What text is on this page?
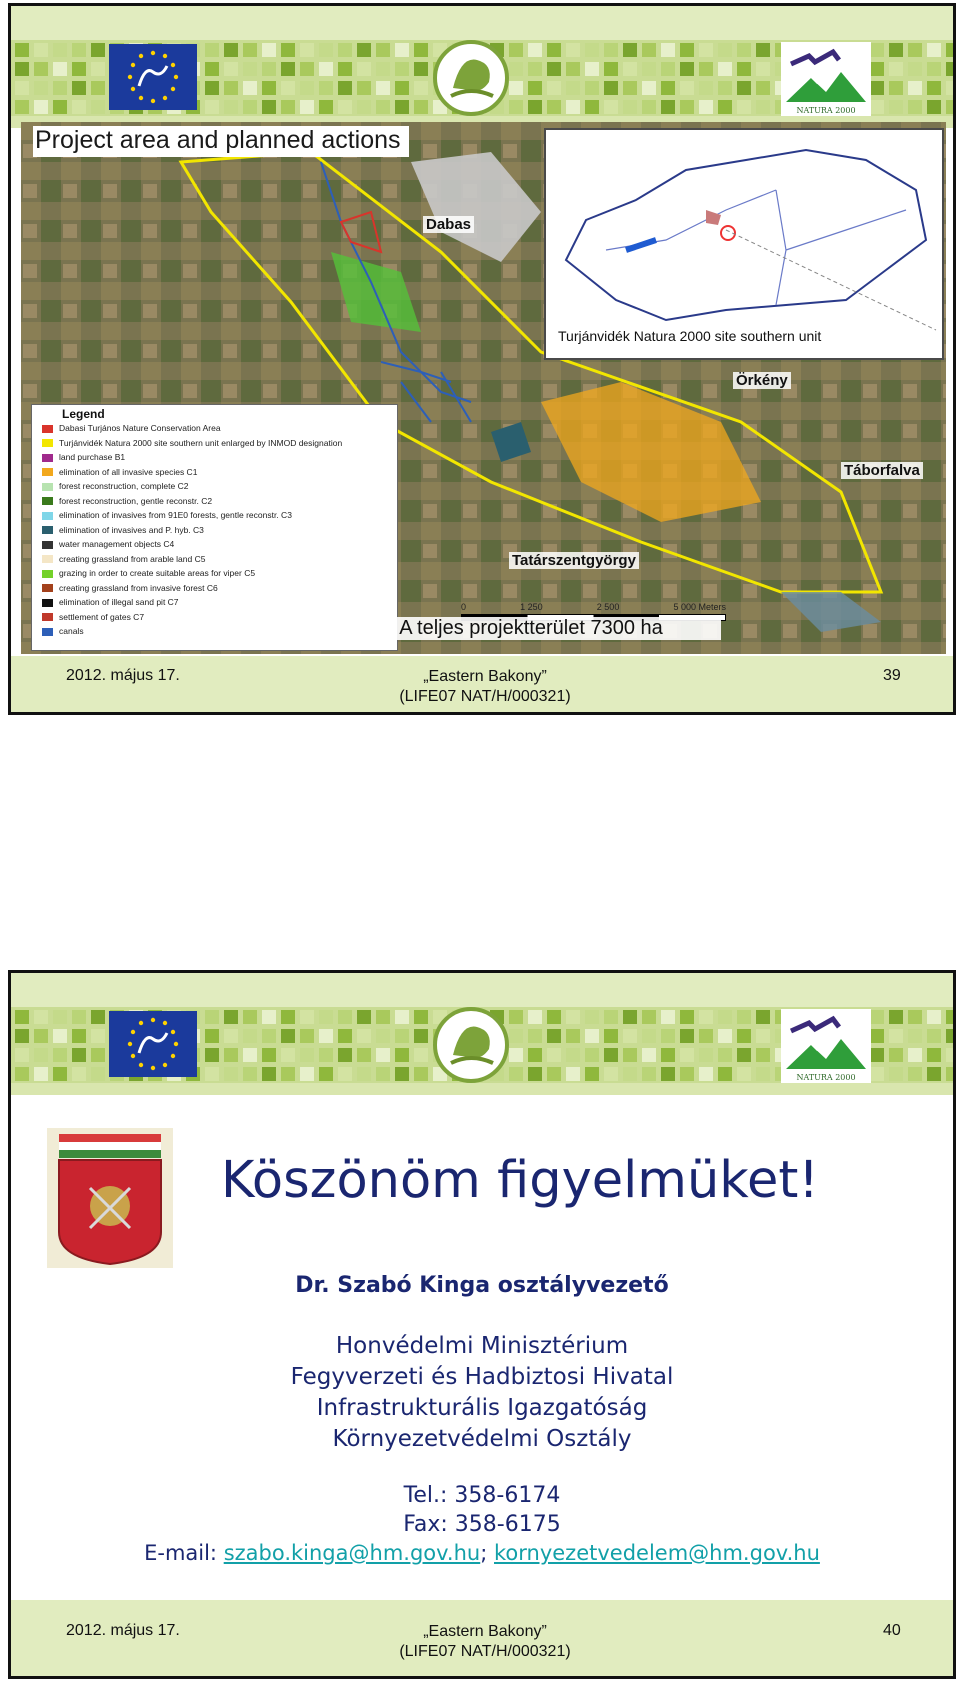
NATURA 2000
Project area and planned actions
Turjánvidék Natura 2000 site southern unit
Dabas
Örkény
Táborfalva
Tatárszentgyörgy
Legend
Dabasi Turjános Nature Conservation Area
Turjánvidék Natura 2000 site southern unit enlarged by INMOD designation
land purchase B1
elimination of all invasive species C1
forest reconstruction, complete C2
forest reconstruction, gentle reconstr. C2
elimination of invasives from 91E0 forests, gentle reconstr. C3
elimination of invasives and P. hyb. C3
water management objects C4
creating grassland from arable land C5
grazing in order to create suitable areas for viper C5
creating grassland from invasive forest C6
elimination of illegal sand pit C7
settlement of gates C7
canals
0	1 250	2 500	5 000 Meters
A teljes projektterület 7300 ha
2012. május 17.	„Eastern Bakony”
(LIFE07 NAT/H/000321)
39
NATURA 2000
Köszönöm figyelmüket!
Dr. Szabó Kinga osztályvezető
Honvédelmi Minisztérium
Fegyverzeti és Hadbiztosi Hivatal
Infrastrukturális Igazgatóság
Környezetvédelmi Osztály
Tel.: 358-6174
Fax: 358-6175
E-mail: szabo.kinga@hm.gov.hu; kornyezetvedelem@hm.gov.hu
2012. május 17.	„Eastern Bakony”
(LIFE07 NAT/H/000321)
40
